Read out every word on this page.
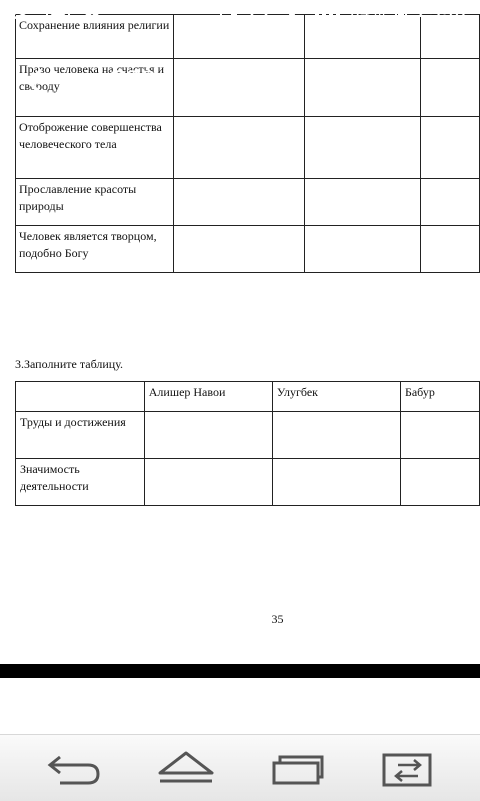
Сохранение влияния религии			
Право человека на счастья и свободу			
Отоброжение совершенства человеческого тела			
Прославление красоты природы			
Человек является творцом, подобно Богу			
3.Заполните таблицу.
	Алишер Навои	Улугбек	Бабур
Труды и достижения			
Значимость деятельности			
35
64% 23:02
СОР_ Всемирна...
